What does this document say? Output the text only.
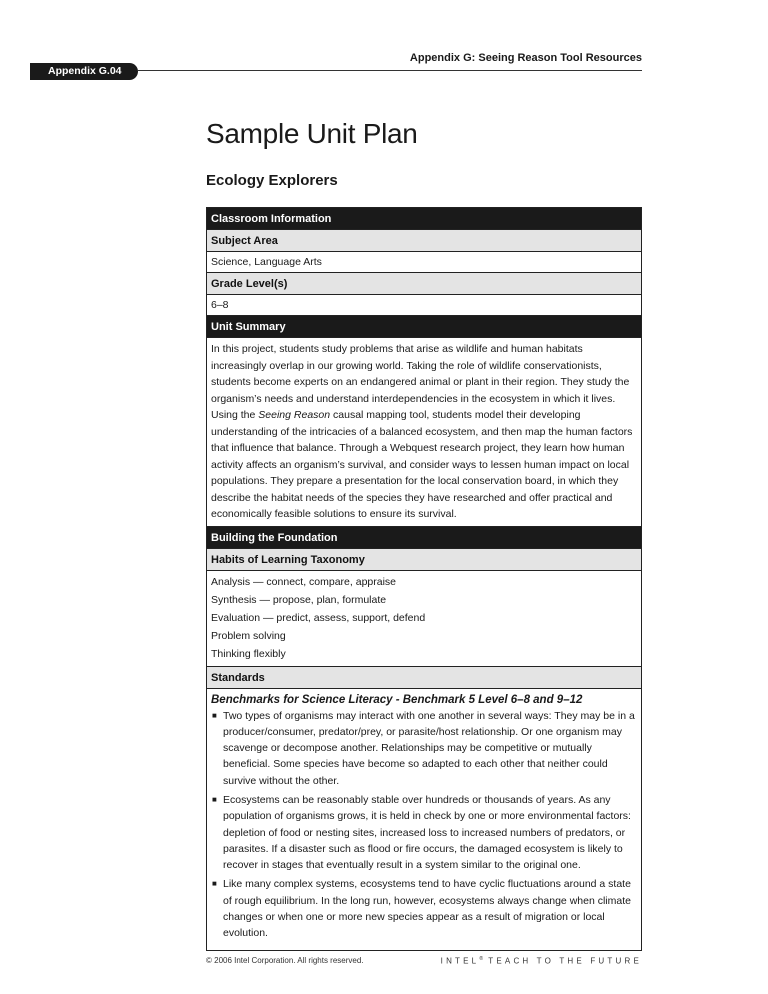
Appendix G.04
Appendix G: Seeing Reason Tool Resources
Sample Unit Plan
Ecology Explorers
Classroom Information
Subject Area
Science, Language Arts
Grade Level(s)
6–8
Unit Summary

In this project, students study problems that arise as wildlife and human habitats increasingly overlap in our growing world. Taking the role of wildlife conservationists, students become experts on an endangered animal or plant in their region. They study the organism’s needs and understand interdependencies in the ecosystem in which it lives. Using the Seeing Reason causal mapping tool, students model their developing understanding of the intricacies of a balanced ecosystem, and then map the human factors that influence that balance. Through a Webquest research project, they learn how human activity affects an organism’s survival, and consider ways to lessen human impact on local populations. They prepare a presentation for the local conservation board, in which they describe the habitat needs of the species they have researched and offer practical and economically feasible solutions to ensure its survival.

Building the Foundation
Habits of Learning Taxonomy
Analysis — connect, compare, appraise
Synthesis — propose, plan, formulate
Evaluation — predict, assess, support, defend
Problem solving
Thinking flexibly
Standards
Benchmarks for Science Literacy - Benchmark 5 Level 6–8 and 9–12
■ Two types of organisms may interact with one another in several ways: They may be in a producer/consumer, predator/prey, or parasite/host relationship. Or one organism may scavenge or decompose another. Relationships may be competitive or mutually beneficial. Some species have become so adapted to each other that neither could survive without the other.
■ Ecosystems can be reasonably stable over hundreds or thousands of years. As any population of organisms grows, it is held in check by one or more environmental factors: depletion of food or nesting sites, increased loss to increased numbers of predators, or parasites. If a disaster such as flood or fire occurs, the damaged ecosystem is likely to recover in stages that eventually result in a system similar to the original one.
■ Like many complex systems, ecosystems tend to have cyclic fluctuations around a state of rough equilibrium. In the long run, however, ecosystems always change when climate changes or when one or more new species appear as a result of migration or local evolution.
© 2006 Intel Corporation. All rights reserved.	INTEL® TEACH TO THE FUTURE
